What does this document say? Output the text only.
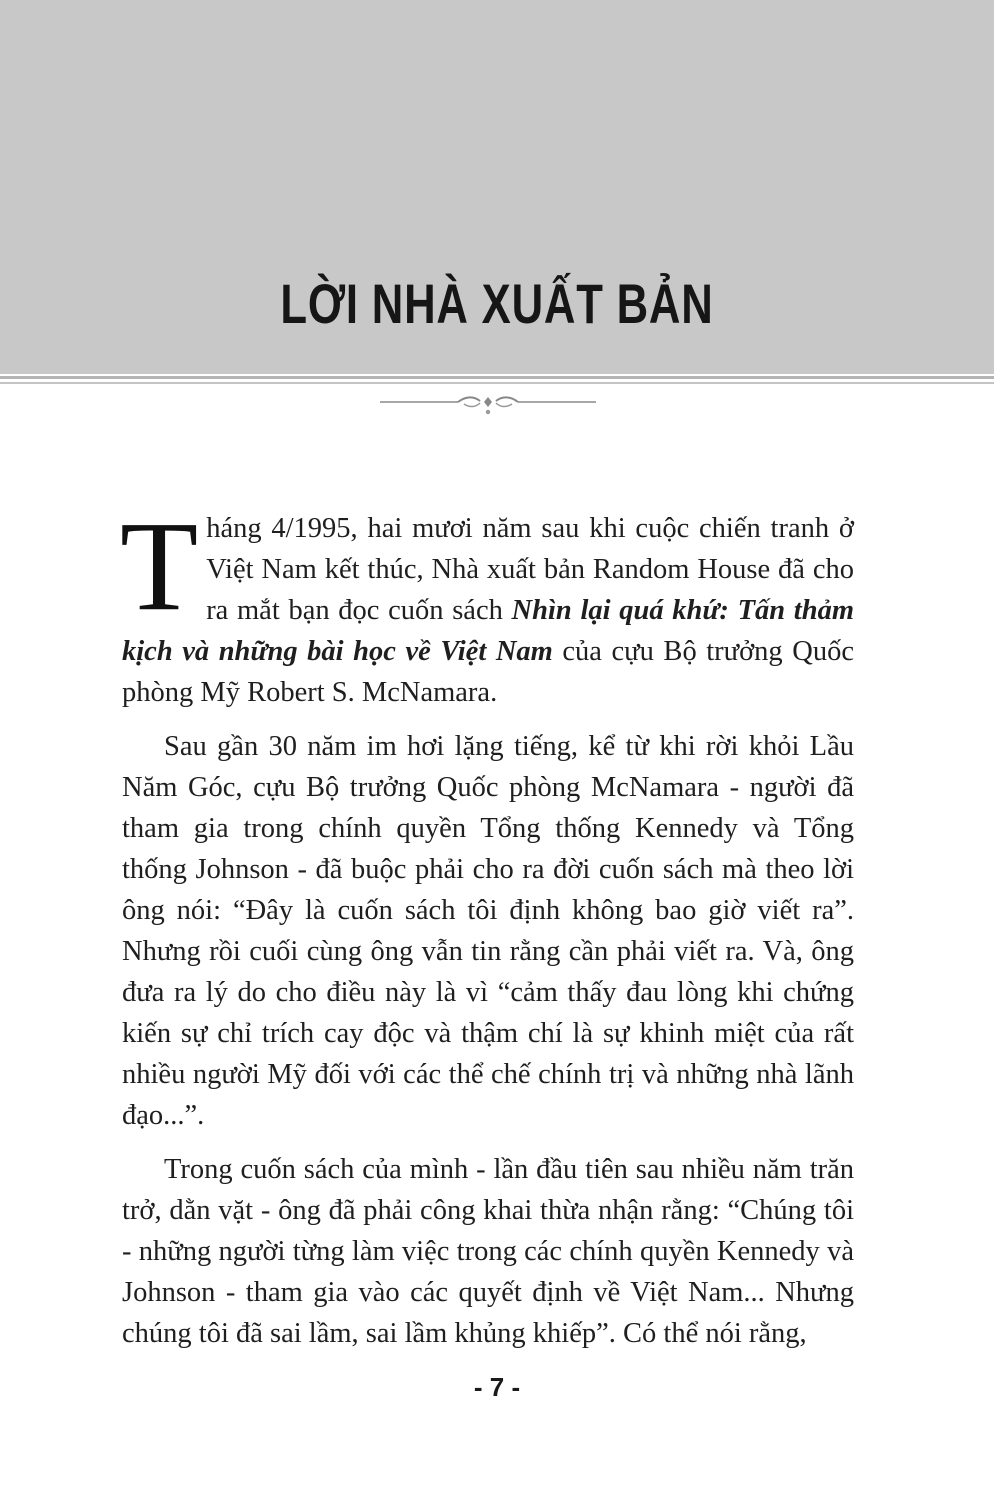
LỜI NHÀ XUẤT BẢN

Tháng 4/1995, hai mươi năm sau khi cuộc chiến tranh ở Việt Nam kết thúc, Nhà xuất bản Random House đã cho ra mắt bạn đọc cuốn sách Nhìn lại quá khứ: Tấn thảm kịch và những bài học về Việt Nam của cựu Bộ trưởng Quốc phòng Mỹ Robert S. McNamara.

Sau gần 30 năm im hơi lặng tiếng, kể từ khi rời khỏi Lầu Năm Góc, cựu Bộ trưởng Quốc phòng McNamara - người đã tham gia trong chính quyền Tổng thống Kennedy và Tổng thống Johnson - đã buộc phải cho ra đời cuốn sách mà theo lời ông nói: “Đây là cuốn sách tôi định không bao giờ viết ra”. Nhưng rồi cuối cùng ông vẫn tin rằng cần phải viết ra. Và, ông đưa ra lý do cho điều này là vì “cảm thấy đau lòng khi chứng kiến sự chỉ trích cay độc và thậm chí là sự khinh miệt của rất nhiều người Mỹ đối với các thể chế chính trị và những nhà lãnh đạo...”.

Trong cuốn sách của mình - lần đầu tiên sau nhiều năm trăn trở, dằn vặt - ông đã phải công khai thừa nhận rằng: “Chúng tôi - những người từng làm việc trong các chính quyền Kennedy và Johnson - tham gia vào các quyết định về Việt Nam... Nhưng chúng tôi đã sai lầm, sai lầm khủng khiếp”. Có thể nói rằng,

- 7 -
